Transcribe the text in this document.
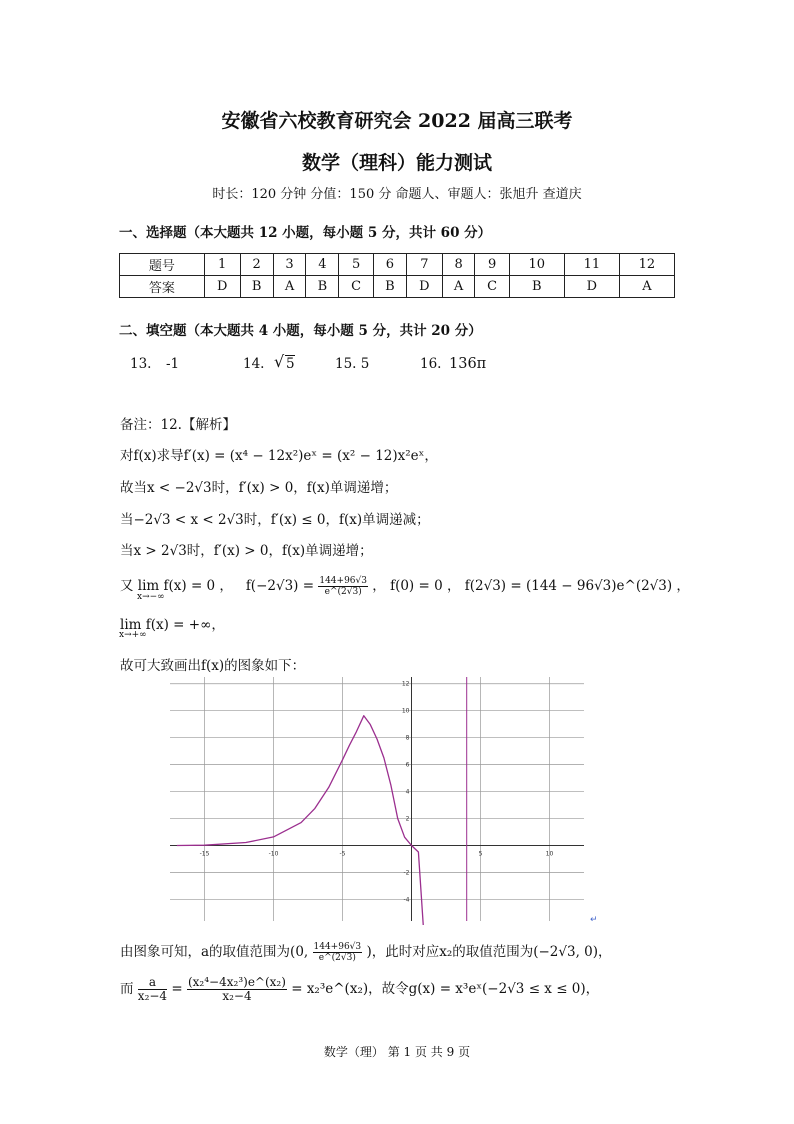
安徽省六校教育研究会 2022 届高三联考
数学（理科）能力测试
时长：120 分钟 分值：150 分 命题人、审题人：张旭升 查道庆
一、选择题（本大题共 12 小题，每小题 5 分，共计 60 分）
题号	1	2	3	4	5	6	7	8	9	10	11	12
答案	D	B	A	B	C	B	D	A	C	B	D	A
二、填空题（本大题共 4 小题，每小题 5 分，共计 20 分）
13. -1	14. √ 5	15. 5	16. 136π
备注：12.【解析】
对f(x)求导f′(x) = (x⁴ − 12x²)eˣ = (x² − 12)x²eˣ，
故当x < −2√3时，f′(x) > 0，f(x)单调递增；
当−2√3 < x < 2√3时，f′(x) ≤ 0，f(x)单调递减；
当x > 2√3时，f′(x) > 0，f(x)单调递增；
又 lim f(x) = 0 ， $f(-2√3) = \frac{144+96√3}{e\^{}(2√3)}$ ， f(0) = 0 ， f(2√3) = (144 − 96√3)e^(2√3) ，
x→−∞
lim f(x) = +∞，
x→+∞
故可大致画出f(x)的图象如下：
-15	-10	-5	5	10
12
10
8
6
4
2
-2
-4
↵
由图象可知，a的取值范围为(0, $\frac{144+96√3}{e\^{}(2√3)}$ )，此时对应x₂的取值范围为(−2√3, 0)，
而 $\frac{a}{\text{x₂−4}} = \frac{\text{(x₂⁴−4x₂³)e\textasciicircum{}(x₂)}}{\text{x₂−4}}$ = x₂³e^(x₂)，故令g(x) = x³eˣ(−2√3 ≤ x ≤ 0)，
数学（理） 第 1 页 共 9 页
